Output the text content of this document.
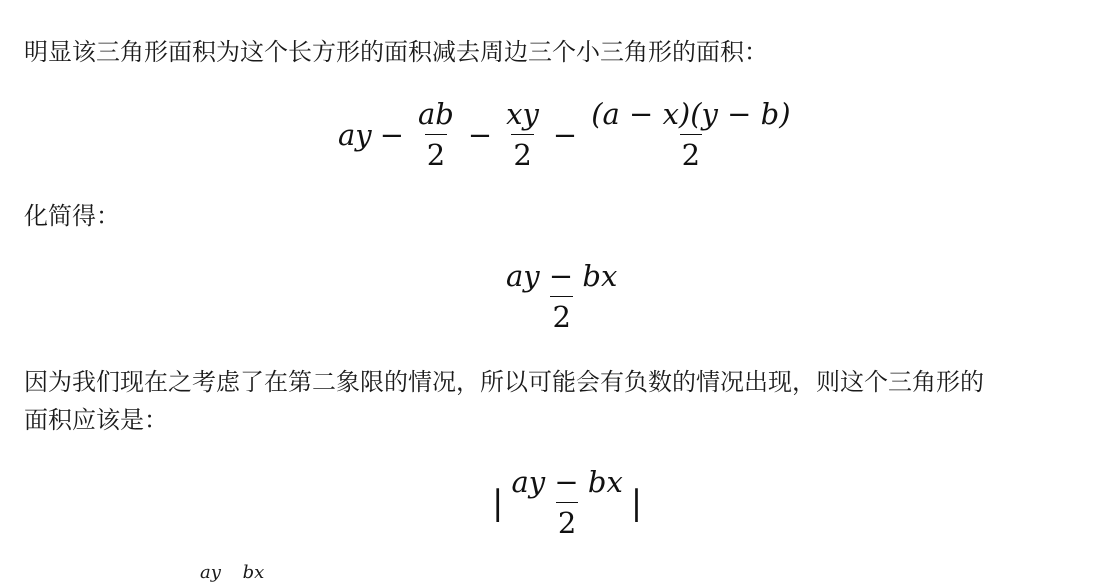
明显该三角形面积为这个长方形的面积减去周边三个小三角形的面积：

ay − $\frac{ab}{2} - \frac{xy}{2} - \frac{(a - x)(y - b)}{2}$

化简得：

$\frac{ay - bx}{2}$

因为我们现在之考虑了在第二象限的情况，所以可能会有负数的情况出现，则这个三角形的

面积应该是：

| $\frac{ay - bx}{2}$ |
ay bx
